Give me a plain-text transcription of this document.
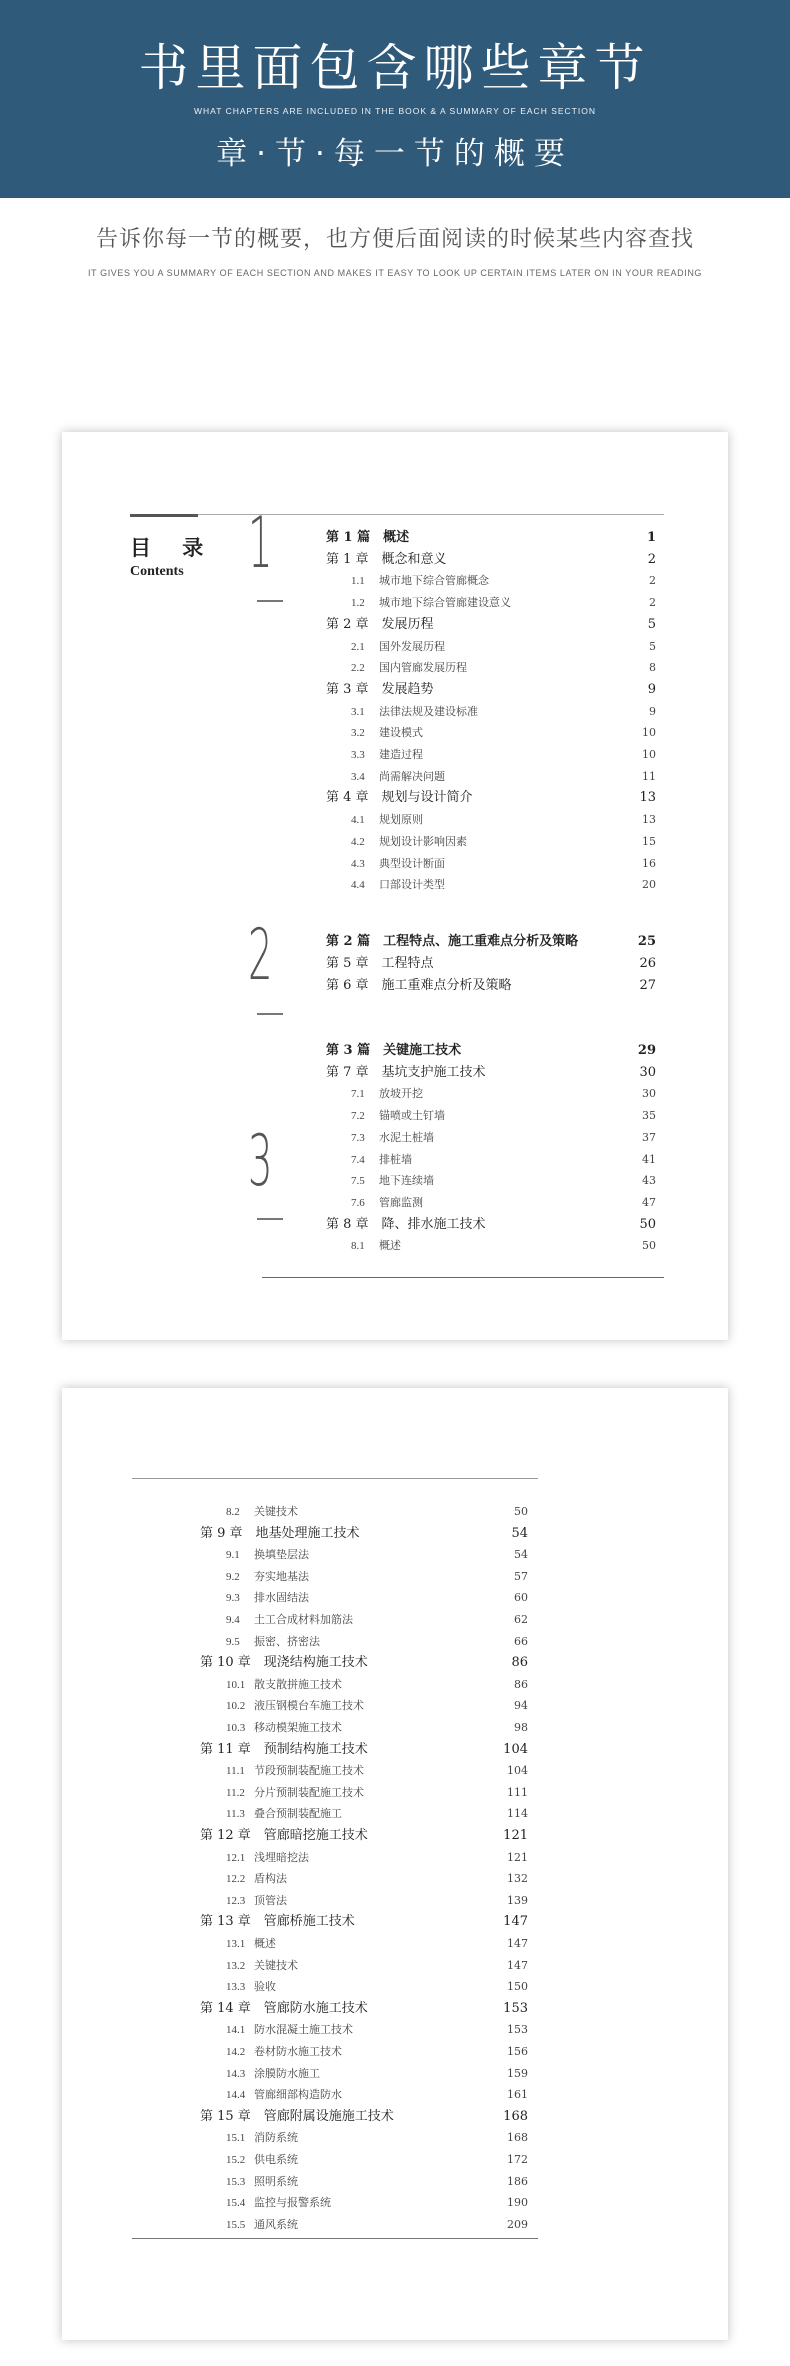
书里面包含哪些章节
WHAT CHAPTERS ARE INCLUDED IN THE BOOK & A SUMMARY OF EACH SECTION
章·节·每一节的概要
告诉你每一节的概要，也方便后面阅读的时候某些内容查找
IT GIVES YOU A SUMMARY OF EACH SECTION AND MAKES IT EASY TO LOOK UP CERTAIN ITEMS LATER ON IN YOUR READING
目 录
Contents 1
2
3
第 1 篇　概述	1
第 1 章　概念和意义	2
1.1 城市地下综合管廊概念	2
1.2 城市地下综合管廊建设意义	2
第 2 章　发展历程	5
2.1 国外发展历程	5
2.2 国内管廊发展历程	8
第 3 章　发展趋势	9
3.1 法律法规及建设标准	9
3.2 建设模式	10
3.3 建造过程	10
3.4 尚需解决问题	11
第 4 章　规划与设计简介	13
4.1 规划原则	13
4.2 规划设计影响因素	15
4.3 典型设计断面	16
4.4 口部设计类型	20
第 2 篇　工程特点、施工重难点分析及策略	25
第 5 章　工程特点	26
第 6 章　施工重难点分析及策略	27
第 3 篇　关键施工技术	29
第 7 章　基坑支护施工技术	30
7.1 放坡开挖	30
7.2 锚喷或土钉墙	35
7.3 水泥土桩墙	37
7.4 排桩墙	41
7.5 地下连续墙	43
7.6 管廊监测	47
第 8 章　降、排水施工技术	50
8.1 概述	50
8.2 关键技术	50
第 9 章　地基处理施工技术	54
9.1 换填垫层法	54
9.2 夯实地基法	57
9.3 排水固结法	60
9.4 土工合成材料加筋法	62
9.5 振密、挤密法	66
第 10 章　现浇结构施工技术	86
10.1 散支散拼施工技术	86
10.2 液压钢模台车施工技术	94
10.3 移动模架施工技术	98
第 11 章　预制结构施工技术	104
11.1 节段预制装配施工技术	104
11.2 分片预制装配施工技术	111
11.3 叠合预制装配施工	114
第 12 章　管廊暗挖施工技术	121
12.1 浅埋暗挖法	121
12.2 盾构法	132
12.3 顶管法	139
第 13 章　管廊桥施工技术	147
13.1 概述	147
13.2 关键技术	147
13.3 验收	150
第 14 章　管廊防水施工技术	153
14.1 防水混凝土施工技术	153
14.2 卷材防水施工技术	156
14.3 涂膜防水施工	159
14.4 管廊细部构造防水	161
第 15 章　管廊附属设施施工技术	168
15.1 消防系统	168
15.2 供电系统	172
15.3 照明系统	186
15.4 监控与报警系统	190
15.5 通风系统	209
